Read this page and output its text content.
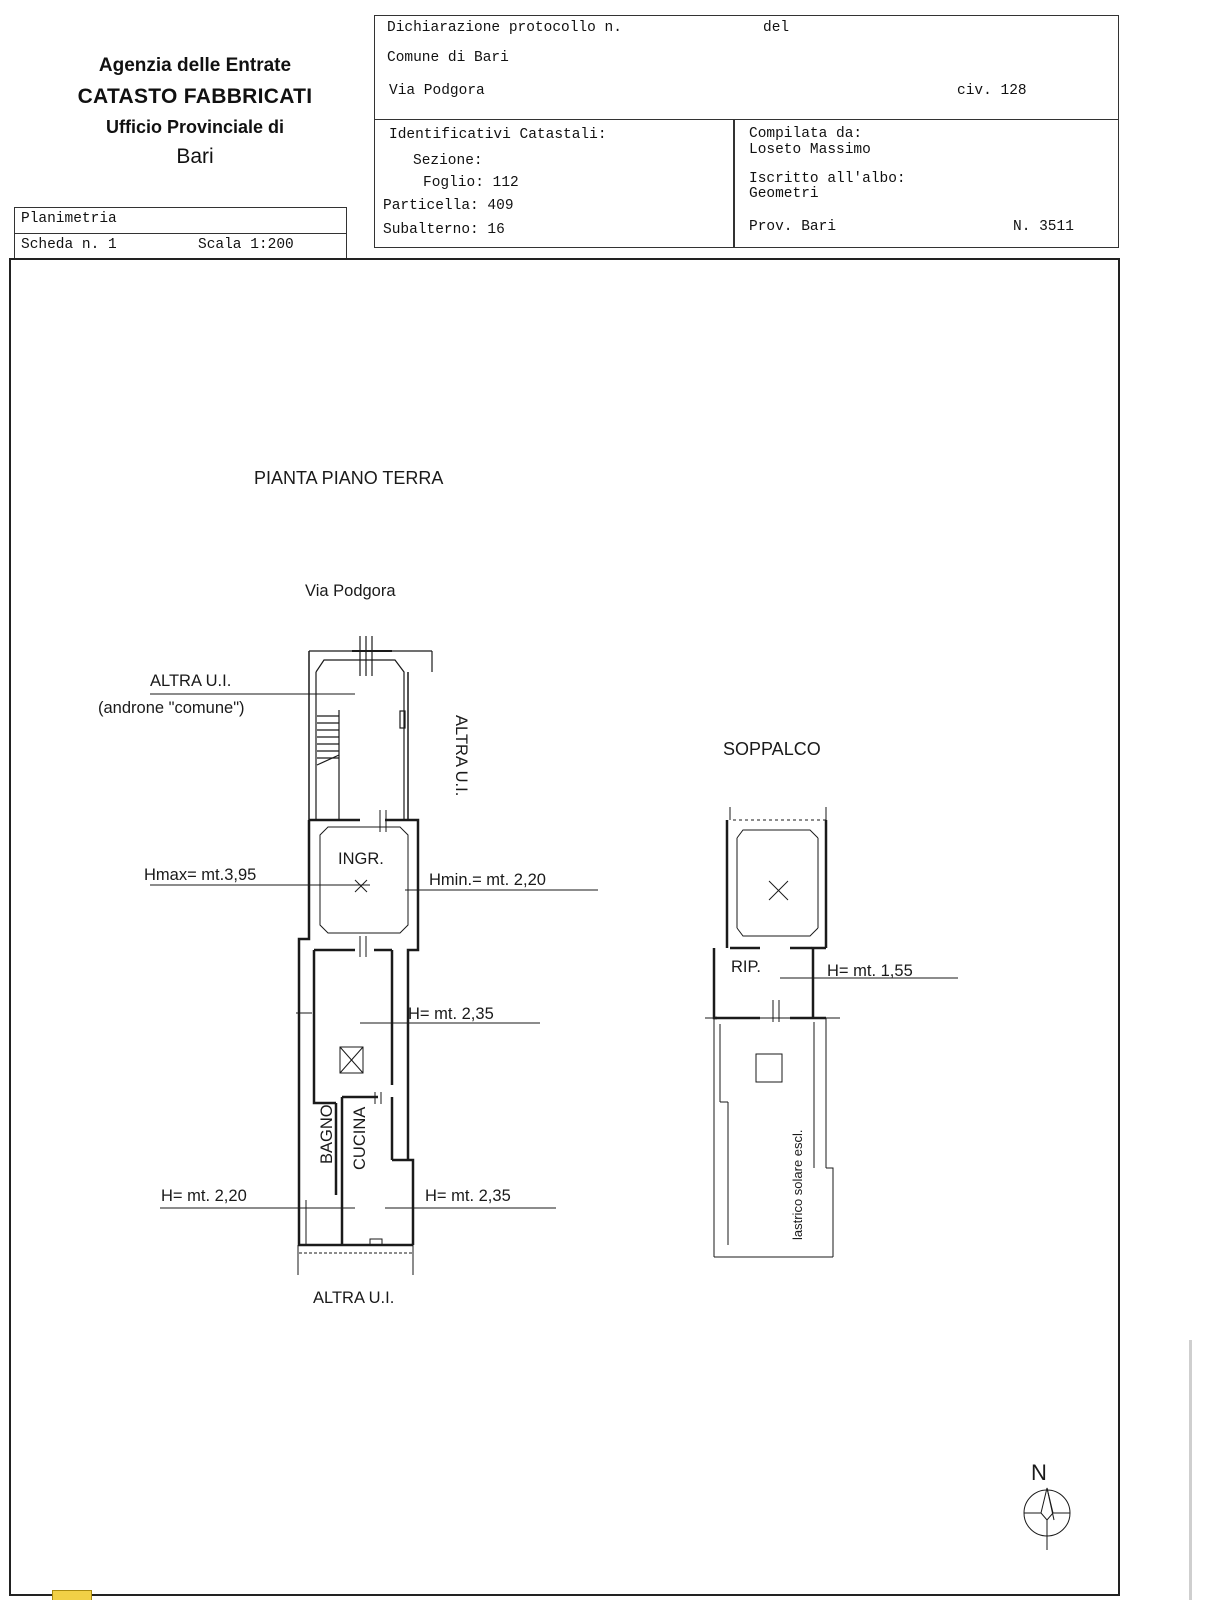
Agenzia delle Entrate
CATASTO FABBRICATI
Ufficio Provinciale di
Bari
Planimetria
Scheda n. 1	Scala 1:200
Dichiarazione protocollo n.	del
Comune di Bari
Via Podgora	civ. 128
Identificativi Catastali:
Sezione:
Foglio: 112
Particella: 409
Subalterno: 16
Compilata da:
Loseto Massimo
Iscritto all'albo:
Geometri
Prov. Bari	N. 3511
PIANTA PIANO TERRA
Via Podgora
ALTRA U.I.
(androne "comune")
ALTRA U.I.
INGR.
Hmax= mt.3,95	Hmin.= mt. 2,20
H= mt. 2,35
BAGNO CUCINA
H= mt. 2,20	H= mt. 2,35
ALTRA U.I.
SOPPALCO
RIP.	H= mt. 1,55
lastrico solare escl.
N
